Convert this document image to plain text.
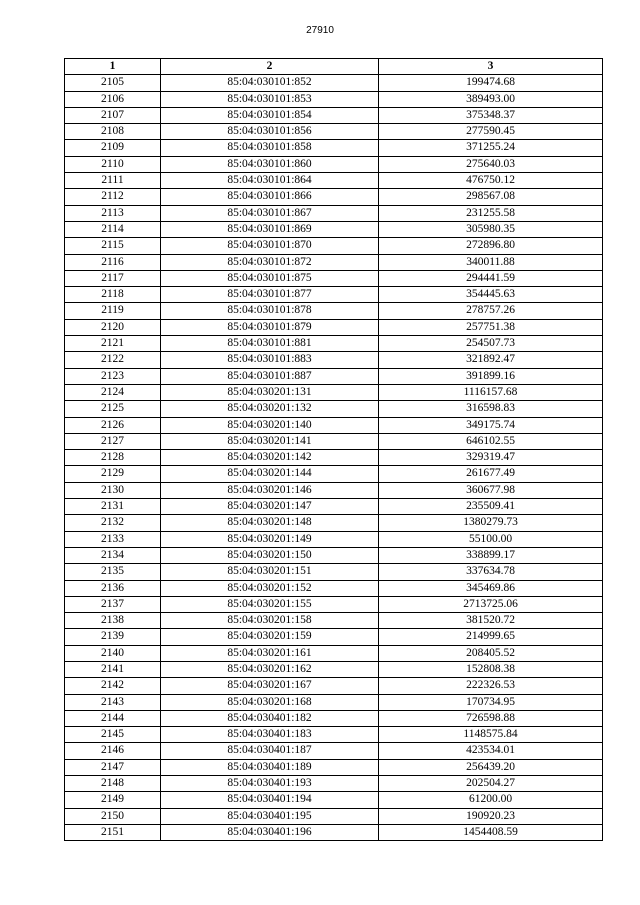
27910
1	2	3
2105	85:04:030101:852	199474.68
2106	85:04:030101:853	389493.00
2107	85:04:030101:854	375348.37
2108	85:04:030101:856	277590.45
2109	85:04:030101:858	371255.24
2110	85:04:030101:860	275640.03
2111	85:04:030101:864	476750.12
2112	85:04:030101:866	298567.08
2113	85:04:030101:867	231255.58
2114	85:04:030101:869	305980.35
2115	85:04:030101:870	272896.80
2116	85:04:030101:872	340011.88
2117	85:04:030101:875	294441.59
2118	85:04:030101:877	354445.63
2119	85:04:030101:878	278757.26
2120	85:04:030101:879	257751.38
2121	85:04:030101:881	254507.73
2122	85:04:030101:883	321892.47
2123	85:04:030101:887	391899.16
2124	85:04:030201:131	1116157.68
2125	85:04:030201:132	316598.83
2126	85:04:030201:140	349175.74
2127	85:04:030201:141	646102.55
2128	85:04:030201:142	329319.47
2129	85:04:030201:144	261677.49
2130	85:04:030201:146	360677.98
2131	85:04:030201:147	235509.41
2132	85:04:030201:148	1380279.73
2133	85:04:030201:149	55100.00
2134	85:04:030201:150	338899.17
2135	85:04:030201:151	337634.78
2136	85:04:030201:152	345469.86
2137	85:04:030201:155	2713725.06
2138	85:04:030201:158	381520.72
2139	85:04:030201:159	214999.65
2140	85:04:030201:161	208405.52
2141	85:04:030201:162	152808.38
2142	85:04:030201:167	222326.53
2143	85:04:030201:168	170734.95
2144	85:04:030401:182	726598.88
2145	85:04:030401:183	1148575.84
2146	85:04:030401:187	423534.01
2147	85:04:030401:189	256439.20
2148	85:04:030401:193	202504.27
2149	85:04:030401:194	61200.00
2150	85:04:030401:195	190920.23
2151	85:04:030401:196	1454408.59
